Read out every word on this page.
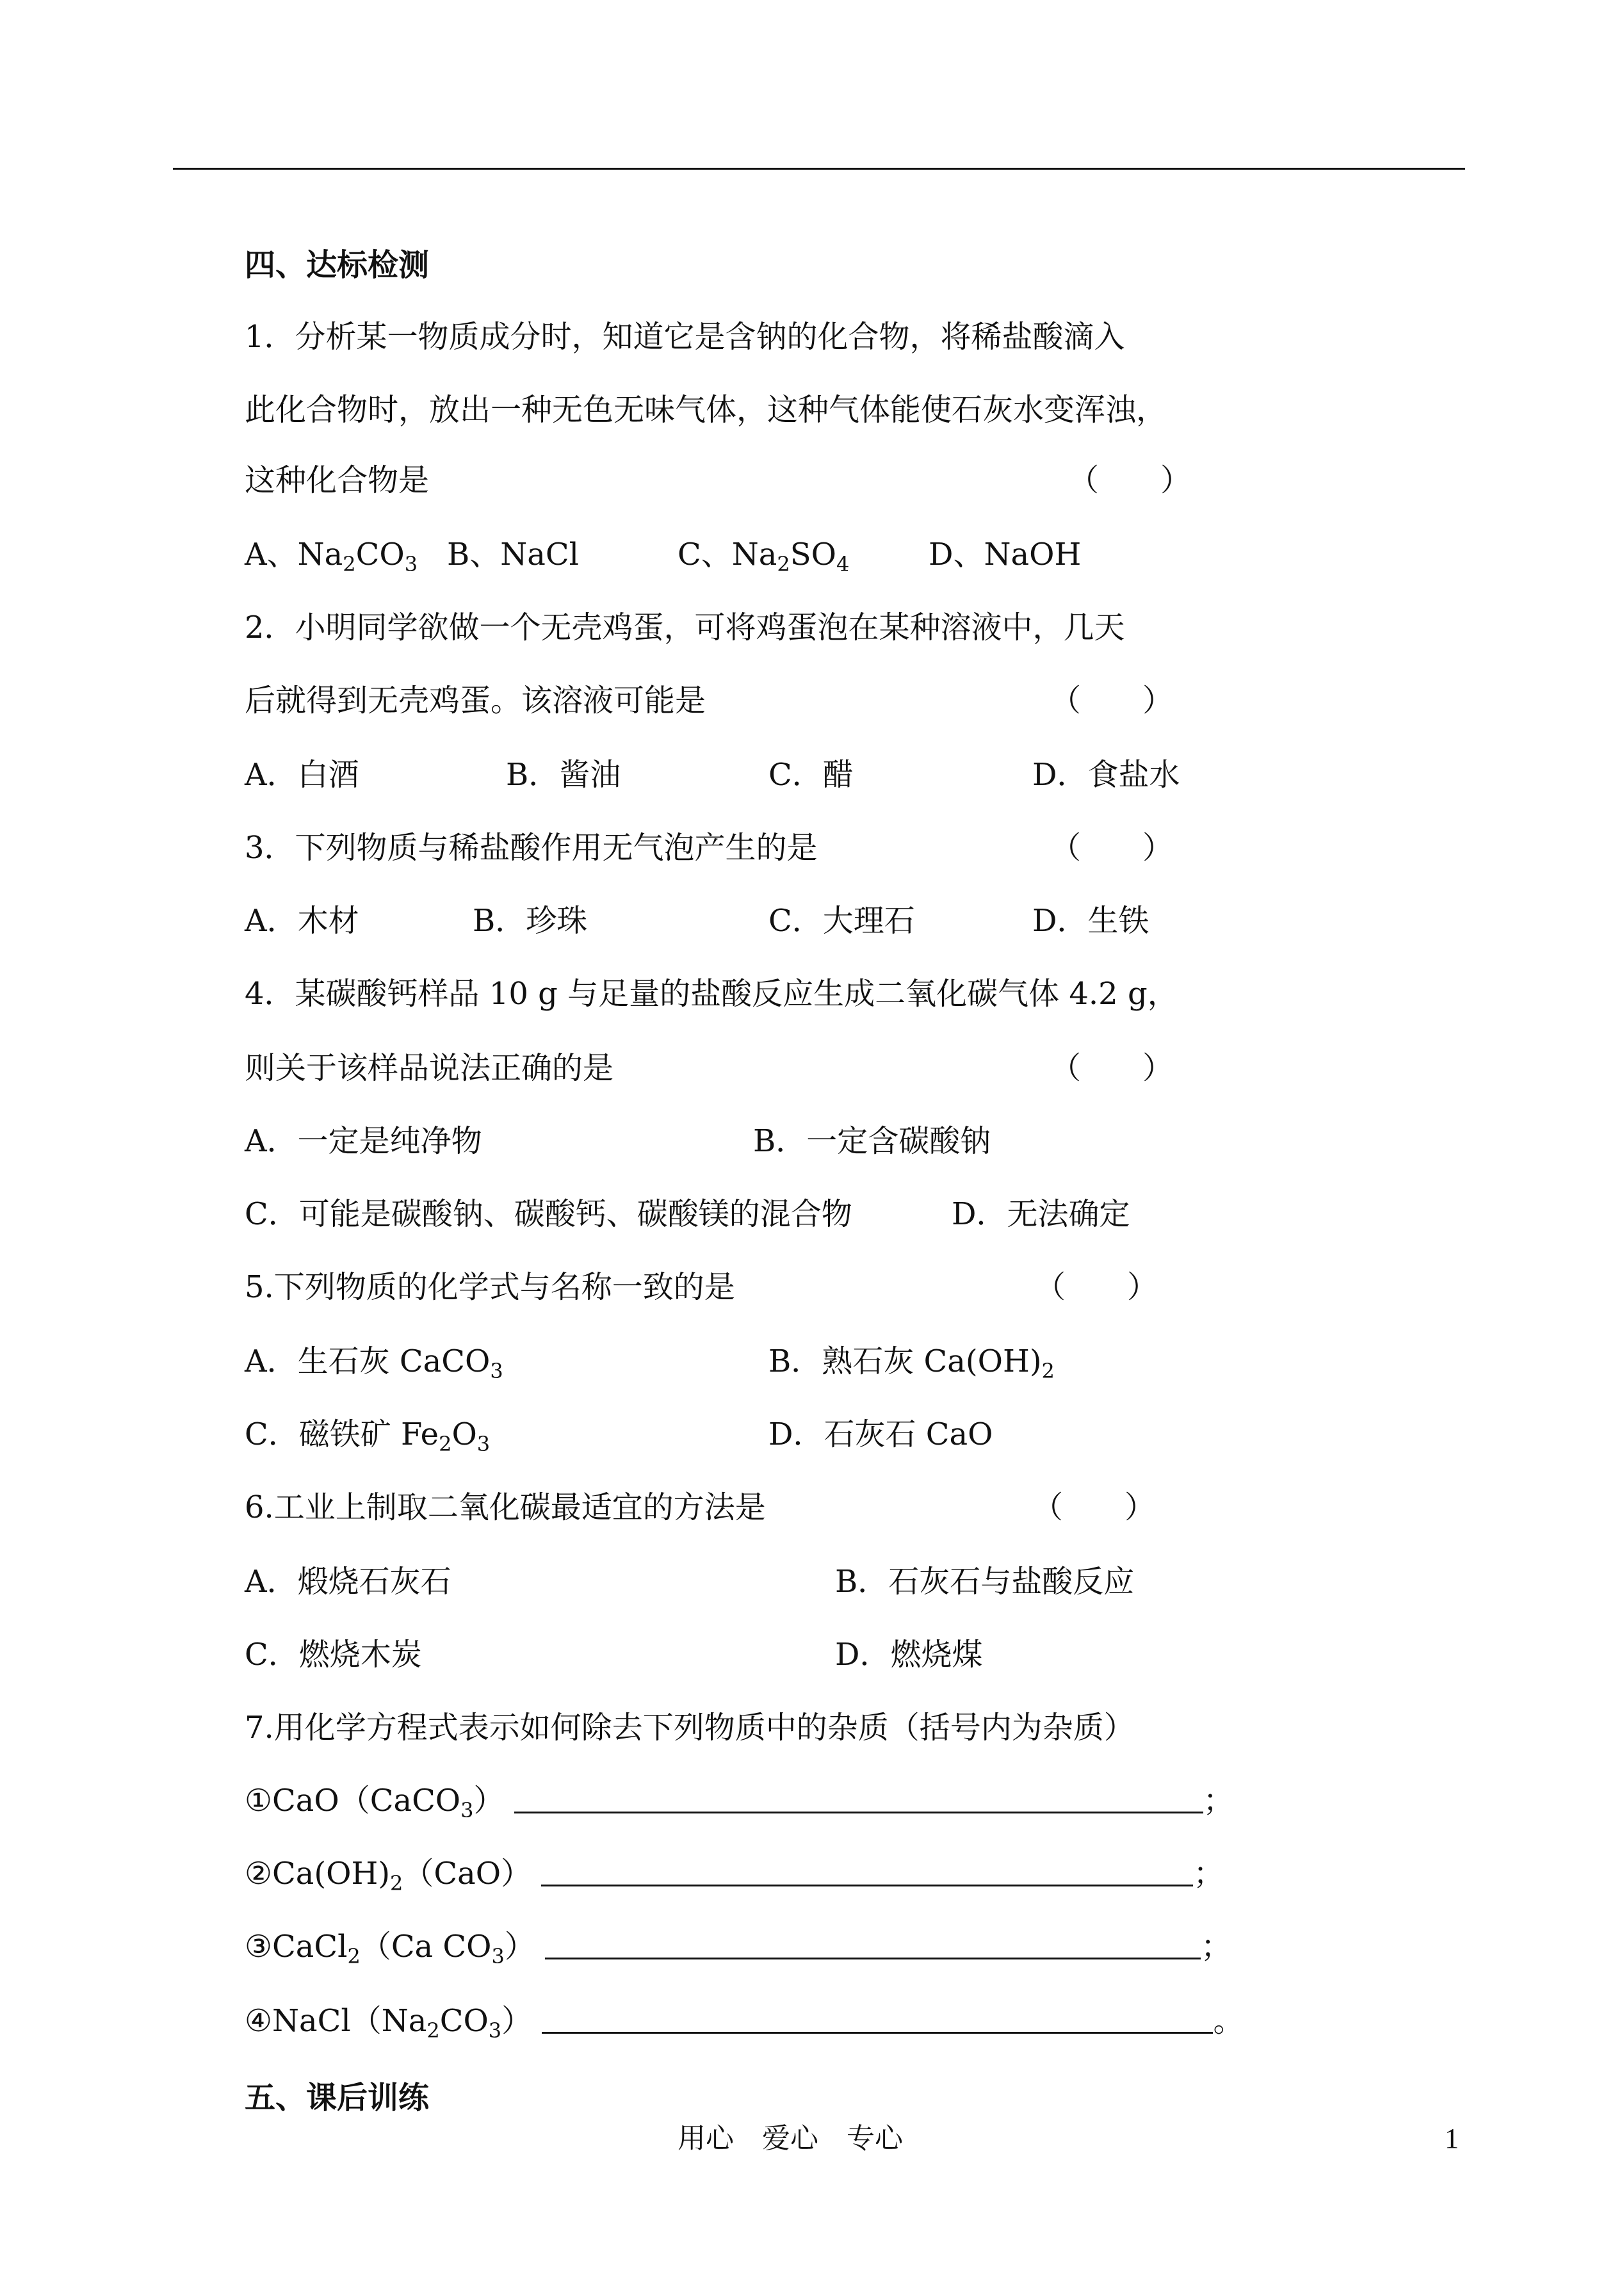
四、达标检测
1．分析某一物质成分时，知道它是含钠的化合物，将稀盐酸滴入
此化合物时，放出一种无色无味气体，这种气体能使石灰水变浑浊，
这种化合物是	（　　）
A、$Na_2CO_3$ B、NaCl	C、$Na_2SO_4$	D、NaOH
2．小明同学欲做一个无壳鸡蛋，可将鸡蛋泡在某种溶液中，几天
后就得到无壳鸡蛋。该溶液可能是	（　　）
A．白酒	B．酱油	C．醋	D．食盐水
3．下列物质与稀盐酸作用无气泡产生的是	（　　）
A．木材	B．珍珠	C．大理石	D．生铁
4．某碳酸钙样品 10 g 与足量的盐酸反应生成二氧化碳气体 4.2 g，
则关于该样品说法正确的是	（　　）
A．一定是纯净物	B．一定含碳酸钠
C．可能是碳酸钠、碳酸钙、碳酸镁的混合物	D．无法确定
5.下列物质的化学式与名称一致的是	（　　）
A．生石灰 CaCO$_3$	B．熟石灰 $Ca(OH)_2$
C．磁铁矿 $Fe_2O_3$	D．石灰石 CaO
6.工业上制取二氧化碳最适宜的方法是	（　　）
A．煅烧石灰石	B．石灰石与盐酸反应
C．燃烧木炭	D．燃烧煤
7.用化学方程式表示如何除去下列物质中的杂质（括号内为杂质）
①CaO（CaCO$_3$）	；
$②Ca(OH)_2(CaO)$	；
③CaCl$_2$（Ca $CO_3$）	；
$④NaCl(Na_2CO_3)$	。
五、课后训练
用心　爱心　专心	1
